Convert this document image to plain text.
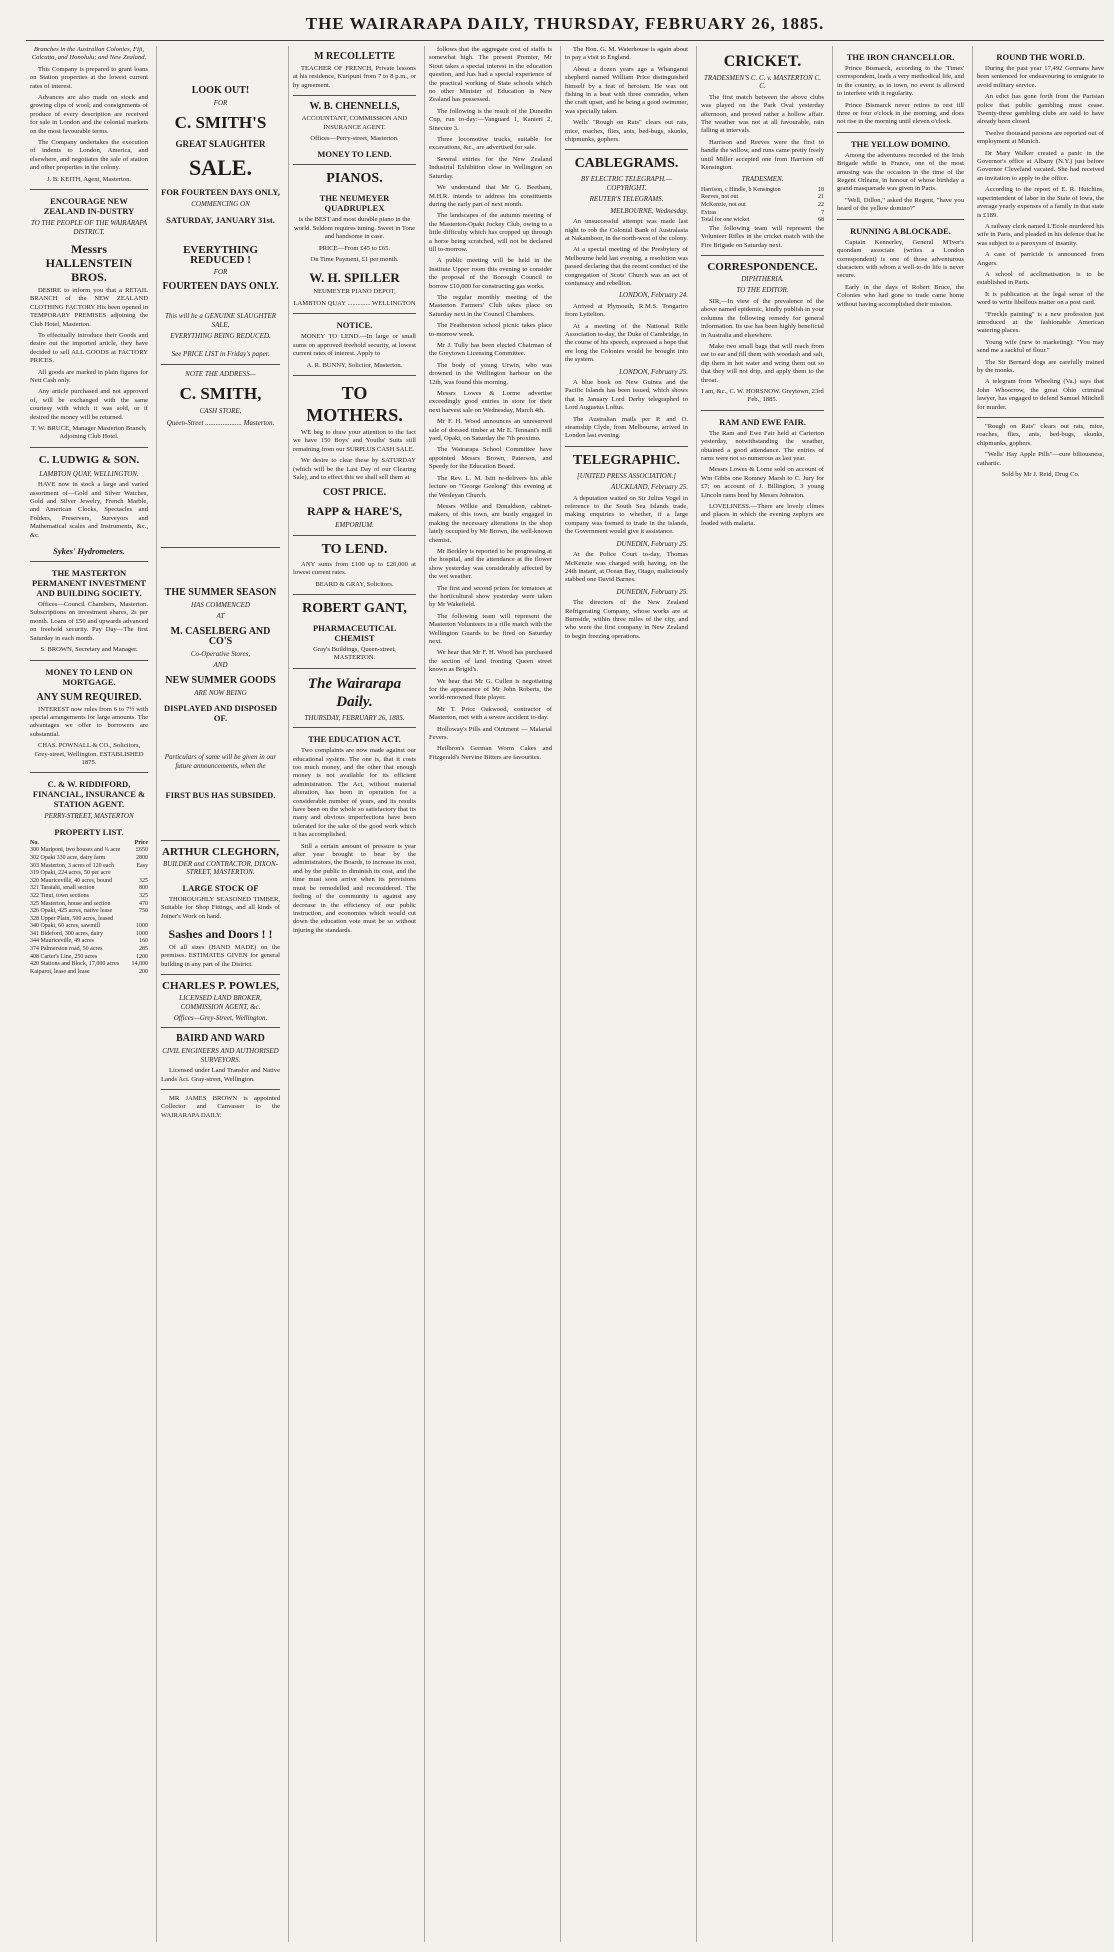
THE WAIRARAPA DAILY, THURSDAY, FEBRUARY 26, 1885.

Branches in the Australian Colonies, Fiji, Calcutta, and Honolulu; and New Zealand.

This Company is prepared to grant loans on Station properties at the lowest current rates of interest.

Advances are also made on stock and growing clips of wool; and consignments of produce of every description are received for sale in London and the colonial markets on the most favourable terms.

The Company undertakes the execution of indents to London, America, and elsewhere, and negotiates the sale of station and other properties in the colony.

J. B. KEITH, Agent, Masterton.

ENCOURAGE NEW ZEALAND IN-DUSTRY
TO THE PEOPLE OF THE WAIRARAPA DISTRICT.
Messrs HALLENSTEIN BROS.

DESIRE to inform you that a RETAIL BRANCH of the NEW ZEALAND CLOTHING FACTORY His been opened in TEMPORARY PREMISES adjoining the Club Hotel, Masterton.

To effectually introduce their Goods and desire out the imported article, they have decided to sell ALL GOODS at FACTORY PRICES.

All goods are marked in plain figures for Nett Cash only.

Any article purchased and not approved of, will be exchanged with the same courtesy with which it was sold, or if desired the money will be returned.

T. W. BRUCE, Manager Masterton Branch, Adjoining Club Hotel.

C. LUDWIG & SON.
LAMBTON QUAY, WELLINGTON.

HAVE now in stock a large and varied assortment of—Gold and Silver Watches, Gold and Silver Jewelry, French Marble, and American Clocks, Spectacles and Folders, Preservers, Surveyors and Mathematical scales and Instruments, &c., &c.

Sykes' Hydrometers.
THE MASTERTON PERMANENT INVESTMENT AND BUILDING SOCIETY.

Offices—Council Chambers, Masterton. Subscriptions on investment shares, 2s per month. Loans of £50 and upwards advanced on freehold security. Pay Day—The first Saturday in each month.

S. BROWN, Secretary and Manager.

MONEY TO LEND ON MORTGAGE.
ANY SUM REQUIRED.

INTEREST now rules from 6 to 7½ with special arrangements for large amounts. The advantages we offer to borrowers are substantial.

CHAS. POWNALL & CO., Solicitors, Grey-street, Wellington. ESTABLISHED 1875.

C. & W. RIDDIFORD, FINANCIAL, INSURANCE & STATION AGENT.
PERRY-STREET, MASTERTON
PROPERTY LIST.
No.	Price
300 Mariponi, two houses and ¼ acre	£650
302 Opaki 330 acre, dairy farm	2800
303 Masterton, 3 acres of 120 each	Easy
319 Opaki, 224 acres, 50 per acre
320 Mauriceville, 40 acres, bound	325
321 Taratahi, small section	800
322 Tinui, town sections	325
325 Masterton, house and section	470
326 Opaki, 425 acres, native lease	750
328 Upper Plain, 500 acres, leased
340 Opaki, 60 acres, sawmill	1000
341 Bideford, 300 acres, dairy	1000
344 Mauriceville, 49 acres	160
374 Palmerston road, 50 acres	285
408 Carter's Line, 250 acres	1200
420 Stations and Block, 17,000 acres	14,000
Kaiparoi, lease and lease	200
LOOK OUT!
FOR
C. SMITH'S
GREAT SLAUGHTER
SALE.
FOR FOURTEEN DAYS ONLY,
COMMENCING ON
SATURDAY, JANUARY 31st.
EVERYTHING REDUCED !
FOR
FOURTEEN DAYS ONLY.
This will be a GENUINE SLAUGHTER SALE,
EVERYTHING BEING REDUCED.
See PRICE LIST in Friday's paper.
NOTE THE ADDRESS—
C. SMITH,
CASH STORE,
Queen-Street ..................... Masterton.
THE SUMMER SEASON
HAS COMMENCED
AT
M. CASELBERG AND CO'S
Co-Operative Stores,
AND
NEW SUMMER GOODS
ARE NOW BEING
DISPLAYED AND DISPOSED OF.
Particulars of same will be given in our future announcements, when the
FIRST BUS HAS SUBSIDED.
ARTHUR CLEGHORN,
BUILDER and CONTRACTOR, DIXON-STREET, MASTERTON.
LARGE STOCK OF

THOROUGHLY SEASONED TIMBER, Suitable for Shop Fittings, and all kinds of Joiner's Work on hand.

Sashes and Doors ! !

Of all sizes (HAND MADE) on the premises. ESTIMATES GIVEN for general building in any part of the District.

CHARLES P. POWLES,
LICENSED LAND BROKER, COMMISSION AGENT, &c.
Offices—Grey-Street, Wellington.
BAIRD AND WARD
CIVIL ENGINEERS AND AUTHORISED SURVEYORS.

Licensed under Land Transfer and Native Lands Act. Gray-street, Wellington.

MR JAMES BROWN is appointed Collector and Canvasser to the WAIRARAPA DAILY.

M RECOLLETTE

TEACHER OF FRENCH, Private lessons at his residence, Kuripuni from 7 to 8 p.m., or by agreement.

W. B. CHENNELLS,

ACCOUNTANT, COMMISSION AND INSURANCE AGENT.

Offices—Perry-street, Masterton.

MONEY TO LEND.
PIANOS.
THE NEUMEYER QUADRUPLEX

is the BEST and most durable piano in the world. Seldom requires tuning. Sweet in Tone and handsome in case.

PRICE—From £45 to £65.

On Time Payment, £1 per month.

W. H. SPILLER

NEUMEYER PIANO DEPOT,

LAMBTON QUAY .............. WELLINGTON

NOTICE.

MONEY TO LEND.—In large or small sums on approved freehold security, at lowest current rates of interest. Apply to

A. R. BUNNY, Solicitor, Masterton.

TO MOTHERS.

WE beg to draw your attention to the fact we have 150 Boys' and Youths' Suits still remaining from our SURPLUS CASH SALE.

We desire to clear these by SATURDAY (which will be the Last Day of our Clearing Sale), and to effect this we shall sell them at

COST PRICE.
RAPP & HARE'S,
EMPORIUM.
TO LEND.

ANY sums from £100 up to £20,000 at lowest current rates.

BEARD & GRAY, Solicitors.

ROBERT GANT,
PHARMACEUTICAL CHEMIST

Gray's Buildings, Queen-street, MASTERTON.

The Wairarapa Daily.
THURSDAY, FEBRUARY 26, 1885.
THE EDUCATION ACT.

Two complaints are now made against our educational system. The one is, that it costs too much money, and the other that enough money is not available for its efficient administration. The Act, without material alteration, has been in operation for a considerable number of years, and its results have been on the whole so satisfactory that its many and obvious imperfections have been tolerated for the sake of the good work which it has accomplished.

Still a certain amount of pressure is year after year brought to bear by the administrators, the Boards, to increase its cost, and by the public to diminish its cost, and the time must soon arrive when its provisions must be remodelled and reconsidered. The feeling of the community is against any decrease in the efficiency of our public instruction, and economies which would cut down the education vote must be so without injuring the standards.

follows that the aggregate cost of staffs is somewhat high. The present Premier, Mr Stout takes a special interest in the education question, and has had a special experience of the practical working of State schools which no other Minister of Education in New Zealand has possessed.

The following is the result of the Dunedin Cup, run to-day:—Vanguard 1, Kanieri 2, Sinecure 3.

Three locomotive trucks, suitable for excavations, &c., are advertised for sale.

Several entries for the New Zealand Industrial Exhibition close in Wellington on Saturday.

We understand that Mr G. Beetham, M.H.R. intends to address his constituents during the early part of next month.

The landscapes of the autumn meeting of the Masterton-Opaki Jockey Club, owing to a little difficulty which has cropped up through a horse being scratched, will not be declared till to-morrow.

A public meeting will be held in the Institute Upper room this evening to consider the proposal of the Borough Council to borrow £10,000 for constructing gas works.

The regular monthly meeting of the Masterton Farmers' Club takes place on Saturday next in the Council Chambers.

The Featherston school picnic takes place to-morrow week.

Mr J. Tully has been elected Chairman of the Greytown Licensing Committee.

The body of young Urwin, who was drowned in the Wellington harbour on the 12th, was found this morning.

Messrs Lowes & Lorme advertise exceedingly good entries in store for their next harvest sale on Wednesday, March 4th.

Mr F. H. Wood announces an unreserved sale of dressed timber at Mr E. Tennant's mill yard, Opaki, on Saturday the 7th proximo.

The Wairarapa School Committee have appointed Messrs Brown, Paterson, and Speedy for the Education Board.

The Rev. L. M. Isitt re-delivers his able lecture on "George Geelong" this evening at the Wesleyan Church.

Messrs Wilkie and Donaldson, cabinet-makers, of this town, are busily engaged in making the necessary alterations in the shop lately occupied by Mr Brown, the well-known chemist.

Mr Berkley is reported to be progressing at the hospital, and the attendance at the flower show yesterday was considerably affected by the wet weather.

The first and second prizes for tomatoes at the horticultural show yesterday were taken by Mr Wakefield.

The following team will represent the Masterton Volunteers in a rifle match with the Wellington Guards to be fired on Saturday next.

We hear that Mr F. H. Wood has purchased the section of land fronting Queen street known as Brigid's.

We hear that Mr G. Cullen is negotiating for the appearance of Mr John Roberts, the world-renowned flute player.

Mr T. Price Oakwood, contractor of Masterton, met with a severe accident to-day.

Holloway's Pills and Ointment — Malarial Fevers.

Heilbron's German Worm Cakes and Fitzgerald's Nervine Bitters are favourites.

The Hon. G. M. Waterhouse is again about to pay a visit to England.

About a dozen years ago a Whanganui shepherd named William Price distinguished himself by a feat of heroism. He was out fishing in a boat with three comrades, when the craft upset, and he being a good swimmer, was specially taken.

Wells' "Rough on Rats" clears out rats, mice, roaches, flies, ants, bed-bugs, skunks, chipmunks, gophers.

CABLEGRAMS.
BY ELECTRIC TELEGRAPH.—COPYRIGHT.
REUTER'S TELEGRAMS.
MELBOURNE, Wednesday.

An unsuccessful attempt was made last night to rob the Colonial Bank of Australasia at Nakamboor, in the north-west of the colony.

At a special meeting of the Presbytery of Melbourne held last evening, a resolution was passed declaring that the recent conduct of the congregation of Scots' Church was an act of contumacy and rebellion.

LONDON, February 24.

Arrived at Plymouth, R.M.S. Tongariro from Lyttelton.

At a meeting of the National Rifle Association to-day, the Duke of Cambridge, in the course of his speech, expressed a hope that ere long the Colonies would be brought into the system.

LONDON, February 25.

A blue book on New Guinea and the Pacific Islands has been issued, which shows that in January Lord Derby telegraphed to Lord Augustus Loftus.

The Australian mails per P. and O. steamship Clyde, from Melbourne, arrived in London last evening.

TELEGRAPHIC.
[UNITED PRESS ASSOCIATION.]
AUCKLAND, February 25.

A deputation waited on Sir Julius Vogel in reference to the South Sea Islands trade, making enquiries to whether, if a large company was formed to trade in the islands, the Government would give it assistance.

DUNEDIN, February 25.

At the Police Court to-day, Thomas McKenzie was charged with having, on the 24th instant, at Ocean Bay, Otago, maliciously stabbed one David Barnes.

DUNEDIN, February 25.

The directors of the New Zealand Refrigerating Company, whose works are at Burnside, within three miles of the city, and who were the first company in New Zealand to begin freezing operations.

CRICKET.
TRADESMEN'S C. C. v. MASTERTON C. C.

The first match between the above clubs was played on the Park Oval yesterday afternoon, and proved rather a hollow affair. The weather was not at all favourable, rain falling at intervals.

Harrison and Reeves were the first to handle the willow, and runs came pretty freely until Miller accepted one from Harrison off Kensington.

TRADESMEN.
Harrison, c Hindle, b Kensington	18
Reeves, not out	21
McKenzie, not out	22
Extras	7
Total for one wicket	68

The following team will represent the Volunteer Rifles in the cricket match with the Fire Brigade on Saturday next.

CORRESPONDENCE.
DIPHTHERIA.
TO THE EDITOR.

SIR,—In view of the prevalence of the above named epidemic, kindly publish in your columns the following remedy for general information. Its use has been highly beneficial in Australia and elsewhere.

Make two small bags that will reach from ear to ear and fill them with woodash and salt, dip them in hot water and wring them out so that they will not drip, and apply them to the throat.

I am, &c., C. W. HORSNOW. Greytown, 23rd Feb., 1885.

RAM AND EWE FAIR.

The Ram and Ewe Fair held at Carterton yesterday, notwithstanding the weather, obtained a good attendance. The entries of rams were not so numerous as last year.

Messrs Lowes & Lorne sold on account of Wm Gibbs one Romney Marsh to C. Jury for £7; on account of J. Billington, 3 young Lincoln rams bred by Messrs Johnston.

LOVELINESS.—There are lovely climes and places in which the evening zephyrs are loaded with malaria.

THE IRON CHANCELLOR.

Prince Bismarck, according to the 'Times' correspondent, leads a very methodical life, and in the country, as in town, no event is allowed to interfere with it regularity.

Prince Bismarck never retires to rest till three or four o'clock in the morning, and does not rise in the morning until eleven o'clock.

THE YELLOW DOMINO.

Among the adventures recorded of the Irish Brigade while in France, one of the most amusing was the occasion in the time of the Regent Orleans, in honour of whose birthday a grand masquerade was given in Paris.

"Well, Dillon," asked the Regent, "have you heard of the yellow domino?"

RUNNING A BLOCKADE.

Captain Kennerley, General M'Iver's quondam associate (writes a London correspondent) is one of those adventurous characters with whom a well-to-do life is never secure.

Early in the days of Robert Bruce, the Colonies who had gone to trade came home without having accomplished their mission.

ROUND THE WORLD.

During the past year 17,492 Germans have been sentenced for endeavouring to emigrate to avoid military service.

An edict has gone forth from the Parisian police that public gambling must cease. Twenty-three gambling clubs are said to have already been closed.

Twelve thousand persons are reported out of employment at Munich.

Dr Mary Walker created a panic in the Governor's office at Albany (N.Y.) just before Governor Cleveland vacated. She had received an invitation to apply to the office.

According to the report of E. R. Hutchins, superintendent of labor in the State of Iowa, the average yearly expenses of a family in that state is £189.

A railway clerk named L'Ecole murdered his wife in Paris, and pleaded in his defence that he was subject to a paroxysm of insanity.

A case of parricide is announced from Angers.

A school of acclimatisation is to be established in Paris.

It is publication at the legal sense of the word to write libellous matter on a post card.

"Freckle painting" is a new profession just introduced at the fashionable American watering places.

Young wife (new to marketing): "You may send me a sackful of flour."

The Sir Bernard dogs are carefully trained by the monks.

A telegram from Wheeling (Va.) says that John Whoorrow, the great Ohio criminal lawyer, has engaged to defend Samuel Mitchell for murder.

"Rough on Rats" clears out rats, mice, roaches, flies, ants, bed-bugs, skunks, chipmunks, gophers.

"Wells' Hay Apple Pills"—cure biliousness, cathartic.

Sold by Mr J. Reid, Drug Co.
